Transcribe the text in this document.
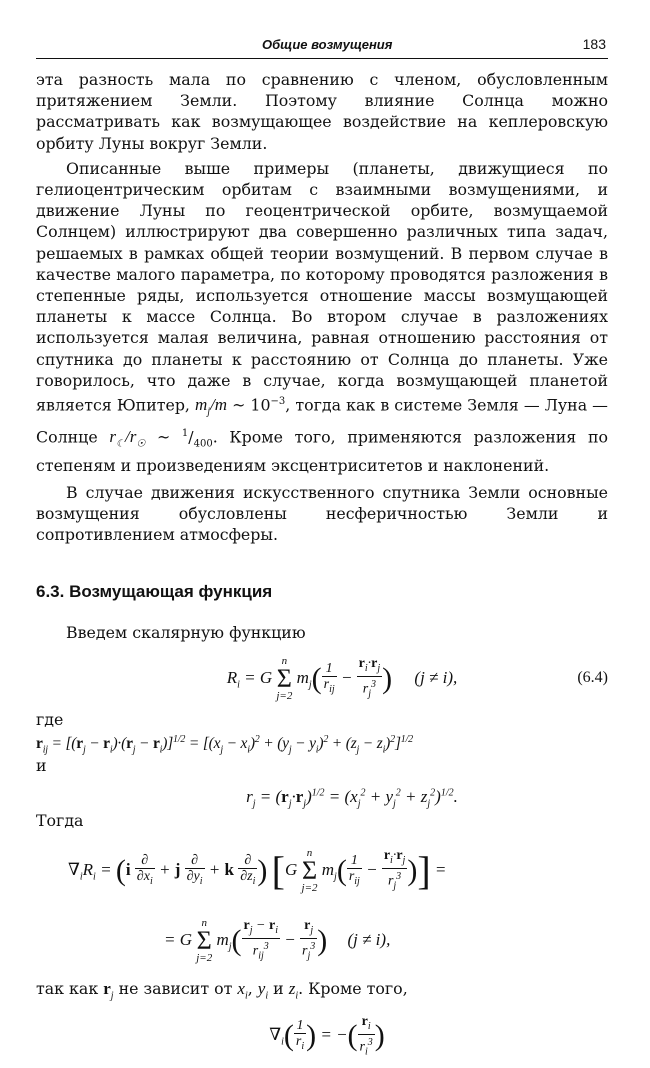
Общие возмущения	183

эта разность мала по сравнению с членом, обусловленным притяжением Земли. Поэтому влияние Солнца можно рассматривать как возмущающее воздействие на кеплеровскую орбиту Луны вокруг Земли.

Описанные выше примеры (планеты, движущиеся по гелиоцентрическим орбитам с взаимными возмущениями, и движение Луны по геоцентрической орбите, возмущаемой Солнцем) иллюстрируют два совершенно различных типа задач, решаемых в рамках общей теории возмущений. В первом случае в качестве малого параметра, по которому проводятся разложения в степенные ряды, используется отношение массы возмущающей планеты к массе Солнца. Во втором случае в разложениях используется малая величина, равная отношению расстояния от спутника до планеты к расстоянию от Солнца до планеты. Уже говорилось, что даже в случае, когда возмущающей планетой является Юпитер, $m_j/m$ ~ $10^{-3}$, тогда как в системе Земля — Луна — Солнце $r_☾/r_☉$ ~ $^1/_{400}$. Кроме того, применяются разложения по степеням и произведениям эксцентриситетов и наклонений.

В случае движения искусственного спутника Земли основные возмущения обусловлены несферичностью Земли и сопротивлением атмосферы.

6.3. Возмущающая функция

Введем скалярную функцию

$R_i = G$
n
Σ
j=2
$m_j( \frac{1}{r_{ij}} - \frac{r_i\cdot r_j}{r_j^3}$ ) (j ≠ i),	(6.4)

где

$r_{ij} = [(r_j - r_i)\cdot(r_j - r_i)]^{1/2} = [(x_j - x_i)^2 + (y_j - y_i)^2 + (z_j - z_i)^2]^{1/2}$

и

$r_j = (r_j\cdot r_j)^{1/2} = (x_j^2 + y_j^2 + z_j^2)^{1/2}$.

Тогда

$\nabla_iR_i = (i \frac{\partial}{\partial x_i} + j \frac{\partial}{\partial y_i} + k \frac{\partial}{\partial z_i}$ ) [G
n
Σ
j=2
$m_j( \frac{1}{r_{ij}} - \frac{r_i\cdot r_j}{r_j^3}$ )] =
= G
n
Σ
j=2
$m_j( \frac{r_j - r_i}{r_{ij}^3} - \frac{r_j}{r_j^3}$ ) (j ≠ i),

так как $r_j$ не зависит от $x_i$, $y_i$ и $z_i$. Кроме того,

$\nabla_i( \frac{1}{r_i}$ ) = −( $\frac{r_i}{r_i^3}$ )
